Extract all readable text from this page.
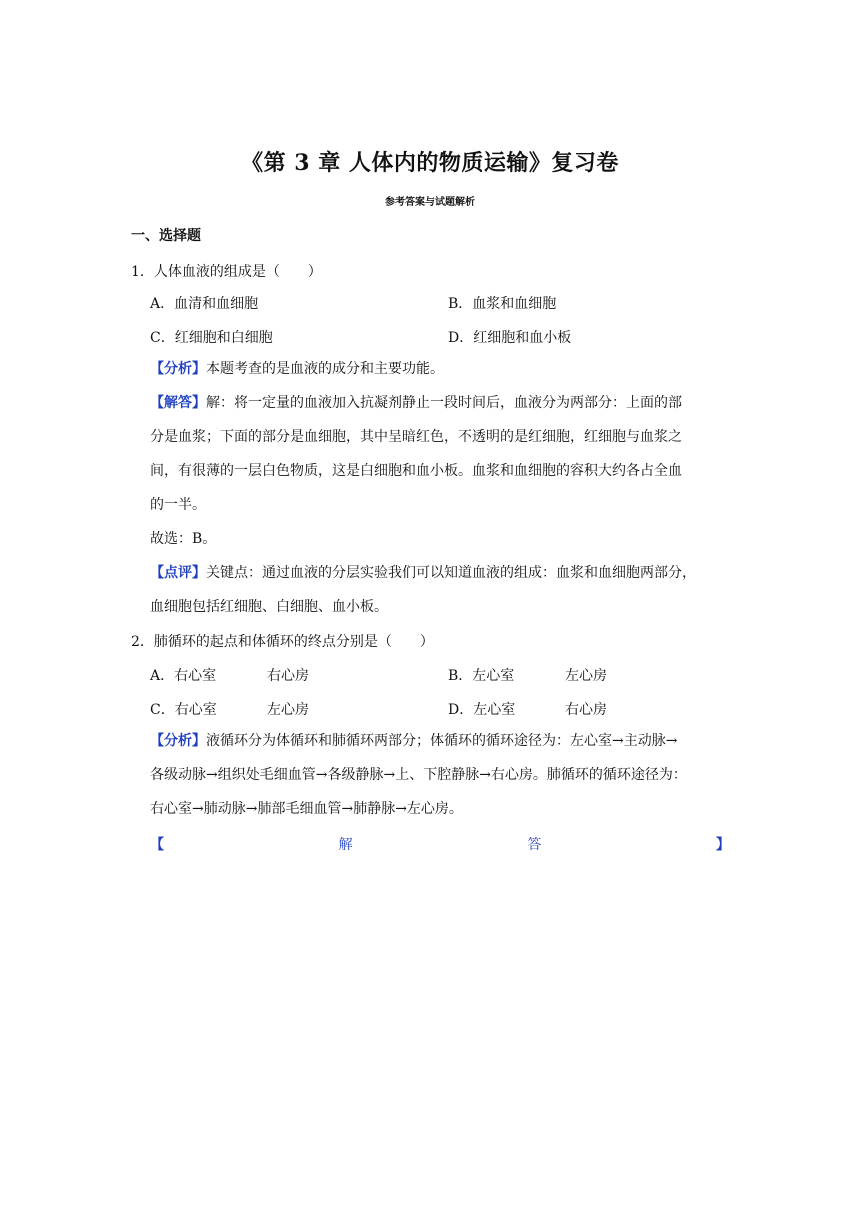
《第 3 章 人体内的物质运输》复习卷
参考答案与试题解析
一、选择题
1．人体血液的组成是（　　）
A．血清和血细胞	B．血浆和血细胞
C．红细胞和白细胞	D．红细胞和血小板
【分析】本题考查的是血液的成分和主要功能。
【解答】解：将一定量的血液加入抗凝剂静止一段时间后，血液分为两部分：上面的部
分是血浆；下面的部分是血细胞，其中呈暗红色，不透明的是红细胞，红细胞与血浆之
间，有很薄的一层白色物质，这是白细胞和血小板。血浆和血细胞的容积大约各占全血
的一半。
故选：B。
【点评】关键点：通过血液的分层实验我们可以知道血液的组成：血浆和血细胞两部分，
血细胞包括红细胞、白细胞、血小板。
2．肺循环的起点和体循环的终点分别是（　　）
A．右心室	右心房	B．左心室	左心房
C．右心室	左心房	D．左心室	右心房
【分析】液循环分为体循环和肺循环两部分；体循环的循环途径为：左心室→主动脉→
各级动脉→组织处毛细血管→各级静脉→上、下腔静脉→右心房。肺循环的循环途径为：
右心室→肺动脉→肺部毛细血管→肺静脉→左心房。
【	解	答	】
